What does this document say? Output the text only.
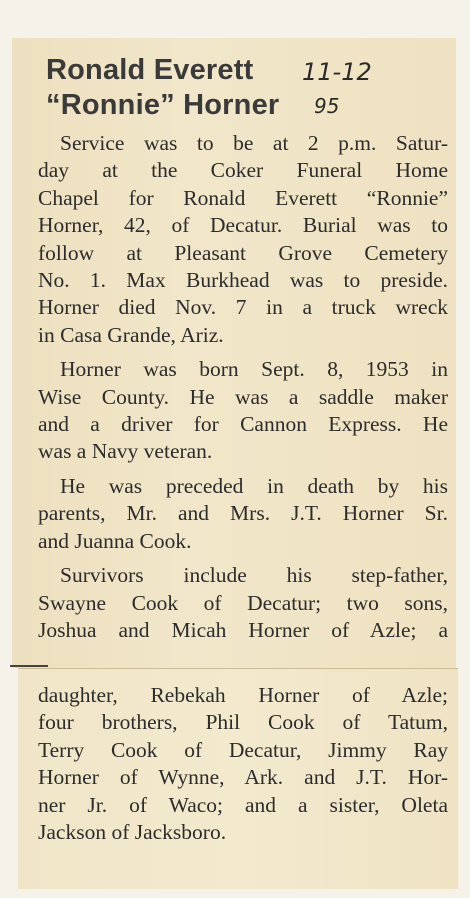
Ronald Everett
“Ronnie” Horner
11-12
95
Service was to be at 2 p.m. Satur-
day at the Coker Funeral Home
Chapel for Ronald Everett “Ronnie”
Horner, 42, of Decatur. Burial was to
follow at Pleasant Grove Cemetery
No. 1. Max Burkhead was to preside.
Horner died Nov. 7 in a truck wreck
in Casa Grande, Ariz.
Horner was born Sept. 8, 1953 in
Wise County. He was a saddle maker
and a driver for Cannon Express. He
was a Navy veteran.
He was preceded in death by his
parents, Mr. and Mrs. J.T. Horner Sr.
and Juanna Cook.
Survivors include his step-father,
Swayne Cook of Decatur; two sons,
Joshua and Micah Horner of Azle; a
daughter, Rebekah Horner of Azle;
four brothers, Phil Cook of Tatum,
Terry Cook of Decatur, Jimmy Ray
Horner of Wynne, Ark. and J.T. Hor-
ner Jr. of Waco; and a sister, Oleta
Jackson of Jacksboro.
